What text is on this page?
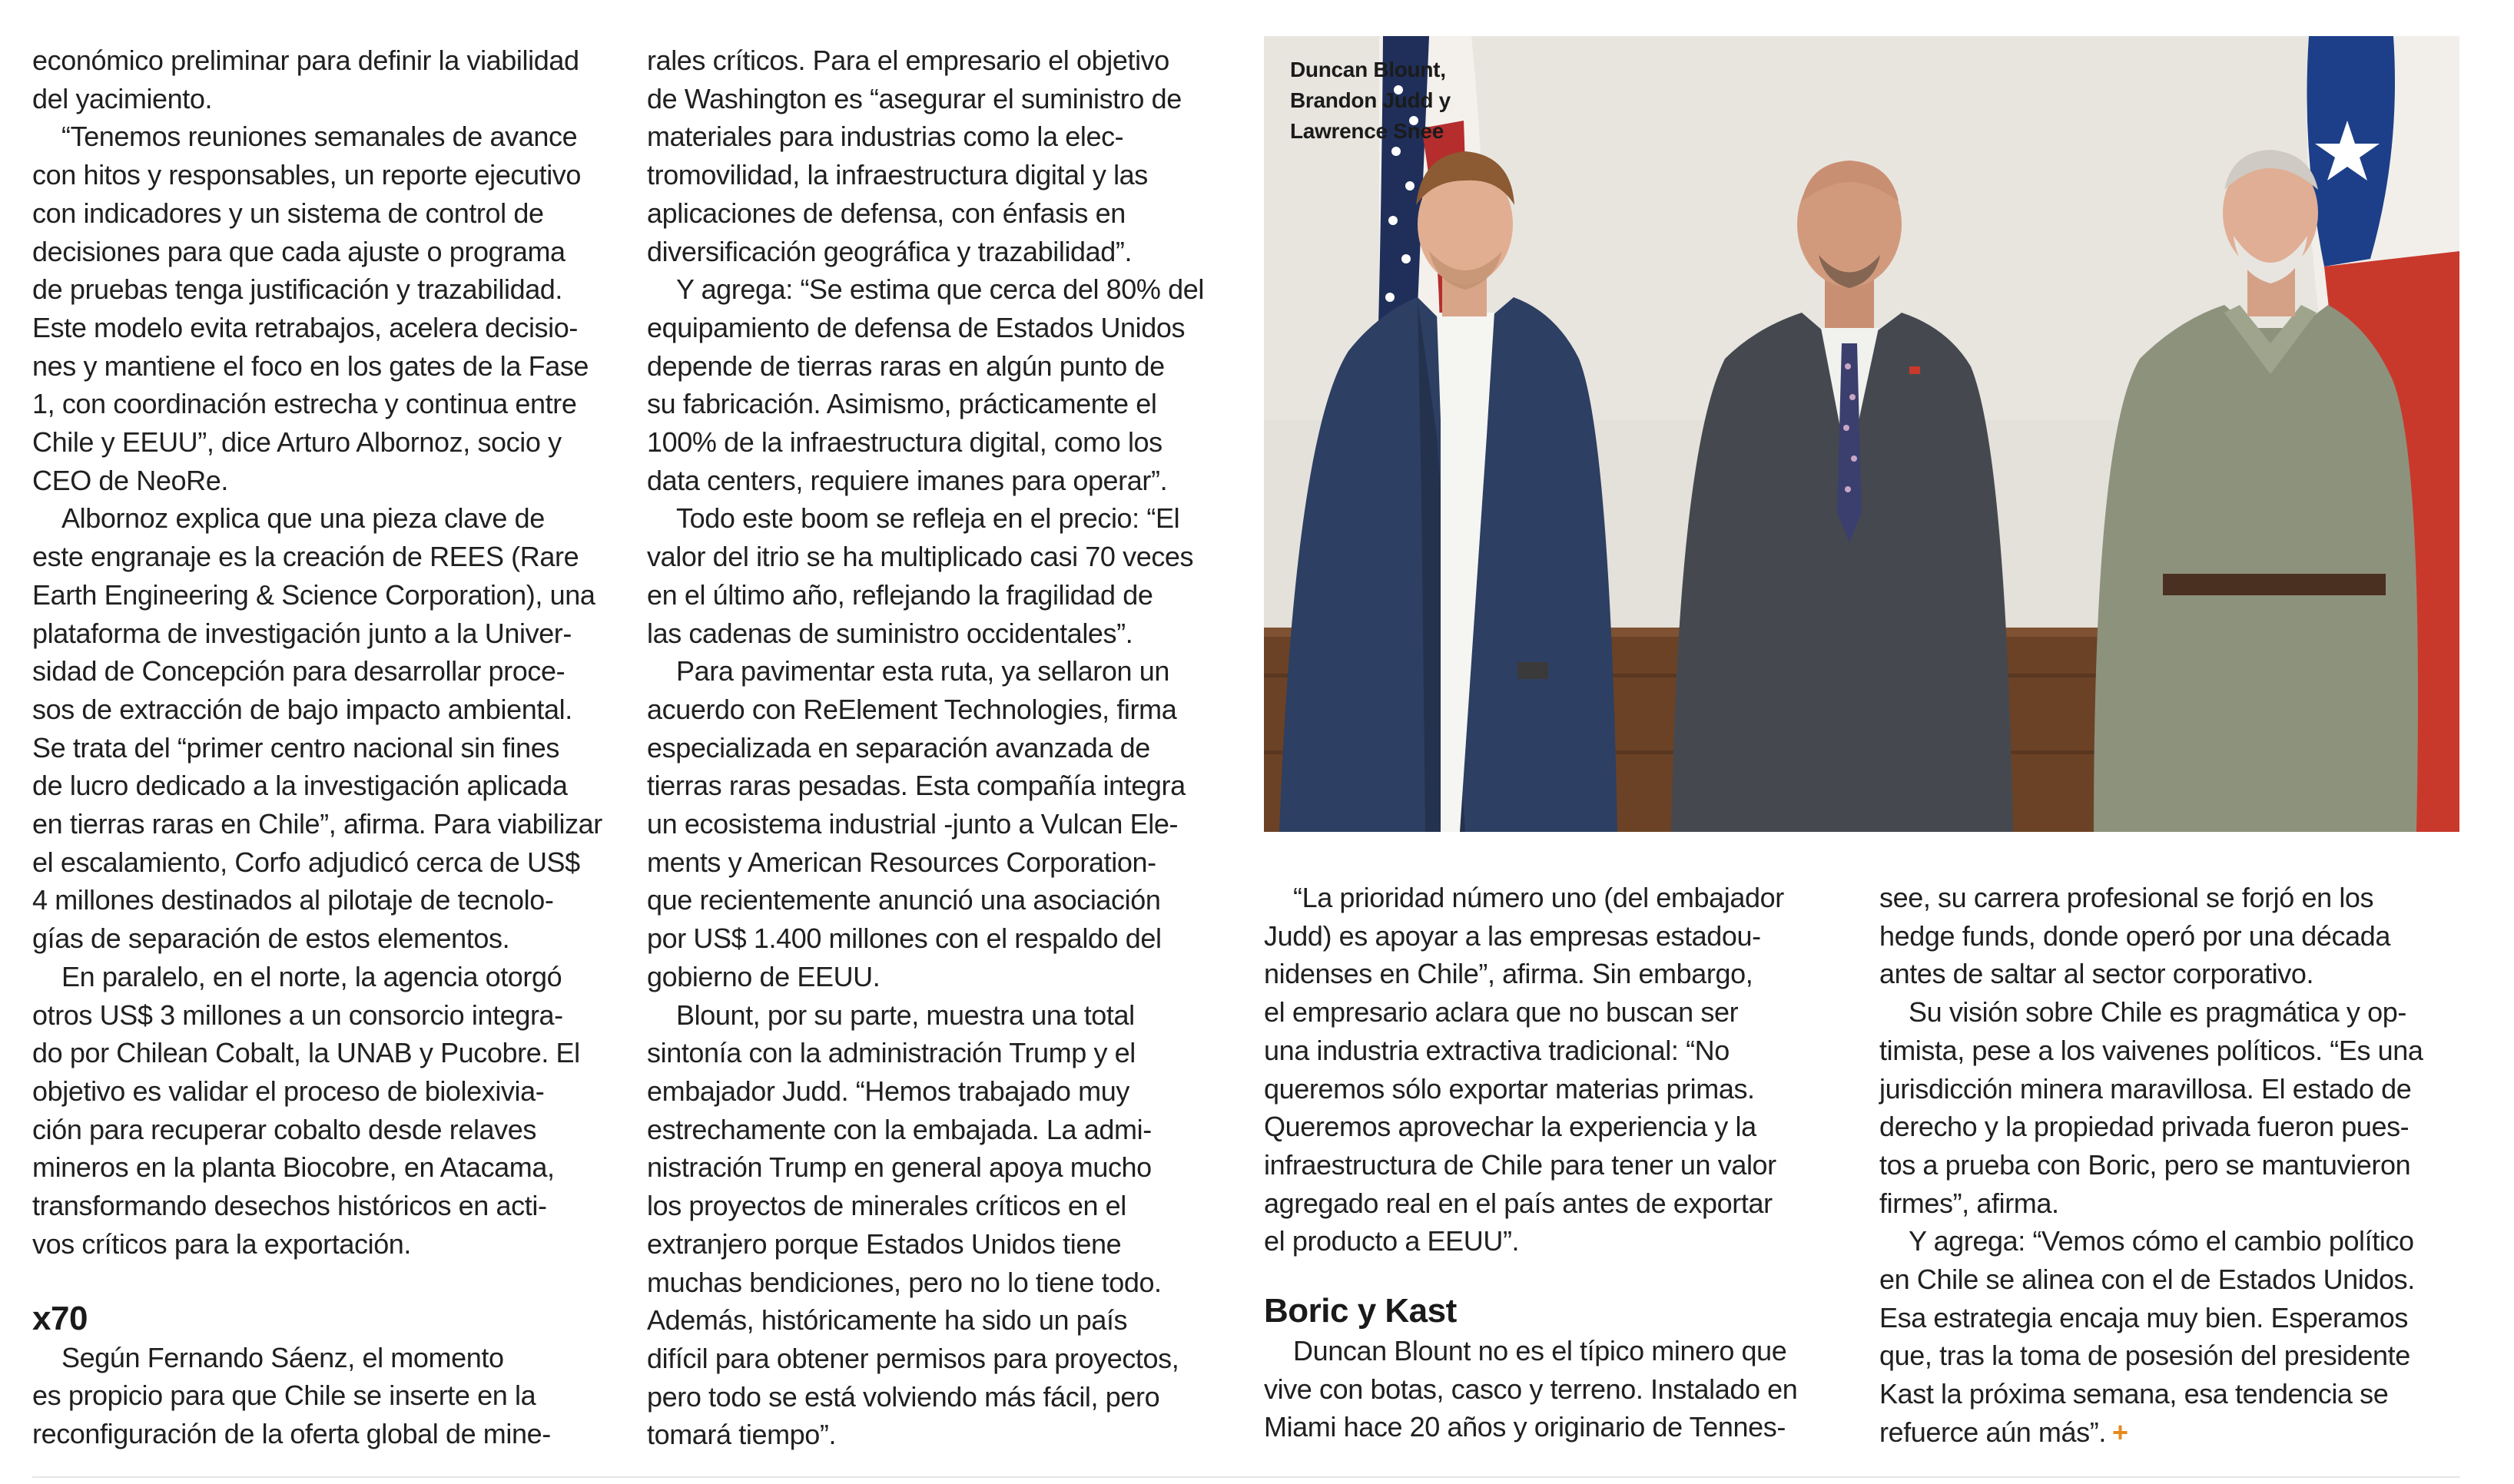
económico preliminar para definir la viabilidad

del yacimiento.

“Tenemos reuniones semanales de avance

con hitos y responsables, un reporte ejecutivo

con indicadores y un sistema de control de

decisiones para que cada ajuste o programa

de pruebas tenga justificación y trazabilidad.

Este modelo evita retrabajos, acelera decisio-

nes y mantiene el foco en los gates de la Fase

1, con coordinación estrecha y continua entre

Chile y EEUU”, dice Arturo Albornoz, socio y

CEO de NeoRe.

Albornoz explica que una pieza clave de

este engranaje es la creación de REES (Rare

Earth Engineering & Science Corporation), una

plataforma de investigación junto a la Univer-

sidad de Concepción para desarrollar proce-

sos de extracción de bajo impacto ambiental.

Se trata del “primer centro nacional sin fines

de lucro dedicado a la investigación aplicada

en tierras raras en Chile”, afirma. Para viabilizar

el escalamiento, Corfo adjudicó cerca de US$

4 millones destinados al pilotaje de tecnolo-

gías de separación de estos elementos.

En paralelo, en el norte, la agencia otorgó

otros US$ 3 millones a un consorcio integra-

do por Chilean Cobalt, la UNAB y Pucobre. El

objetivo es validar el proceso de biolexivia-

ción para recuperar cobalto desde relaves

mineros en la planta Biocobre, en Atacama,

transformando desechos históricos en acti-

vos críticos para la exportación.

x70

Según Fernando Sáenz, el momento

es propicio para que Chile se inserte en la

reconfiguración de la oferta global de mine-

rales críticos. Para el empresario el objetivo

de Washington es “asegurar el suministro de

materiales para industrias como la elec-

tromovilidad, la infraestructura digital y las

aplicaciones de defensa, con énfasis en

diversificación geográfica y trazabilidad”.

Y agrega: “Se estima que cerca del 80% del

equipamiento de defensa de Estados Unidos

depende de tierras raras en algún punto de

su fabricación. Asimismo, prácticamente el

100% de la infraestructura digital, como los

data centers, requiere imanes para operar”.

Todo este boom se refleja en el precio: “El

valor del itrio se ha multiplicado casi 70 veces

en el último año, reflejando la fragilidad de

las cadenas de suministro occidentales”.

Para pavimentar esta ruta, ya sellaron un

acuerdo con ReElement Technologies, firma

especializada en separación avanzada de

tierras raras pesadas. Esta compañía integra

un ecosistema industrial -junto a Vulcan Ele-

ments y American Resources Corporation-

que recientemente anunció una asociación

por US$ 1.400 millones con el respaldo del

gobierno de EEUU.

Blount, por su parte, muestra una total

sintonía con la administración Trump y el

embajador Judd. “Hemos trabajado muy

estrechamente con la embajada. La admi-

nistración Trump en general apoya mucho

los proyectos de minerales críticos en el

extranjero porque Estados Unidos tiene

muchas bendiciones, pero no lo tiene todo.

Además, históricamente ha sido un país

difícil para obtener permisos para proyectos,

pero todo se está volviendo más fácil, pero

tomará tiempo”.

Duncan Blount,

Brandon Judd y

Lawrence Snee

“La prioridad número uno (del embajador

Judd) es apoyar a las empresas estadou-

nidenses en Chile”, afirma. Sin embargo,

el empresario aclara que no buscan ser

una industria extractiva tradicional: “No

queremos sólo exportar materias primas.

Queremos aprovechar la experiencia y la

infraestructura de Chile para tener un valor

agregado real en el país antes de exportar

el producto a EEUU”.

Boric y Kast

Duncan Blount no es el típico minero que

vive con botas, casco y terreno. Instalado en

Miami hace 20 años y originario de Tennes-

see, su carrera profesional se forjó en los

hedge funds, donde operó por una década

antes de saltar al sector corporativo.

Su visión sobre Chile es pragmática y op-

timista, pese a los vaivenes políticos. “Es una

jurisdicción minera maravillosa. El estado de

derecho y la propiedad privada fueron pues-

tos a prueba con Boric, pero se mantuvieron

firmes”, afirma.

Y agrega: “Vemos cómo el cambio político

en Chile se alinea con el de Estados Unidos.

Esa estrategia encaja muy bien. Esperamos

que, tras la toma de posesión del presidente

Kast la próxima semana, esa tendencia se

refuerce aún más”. +
